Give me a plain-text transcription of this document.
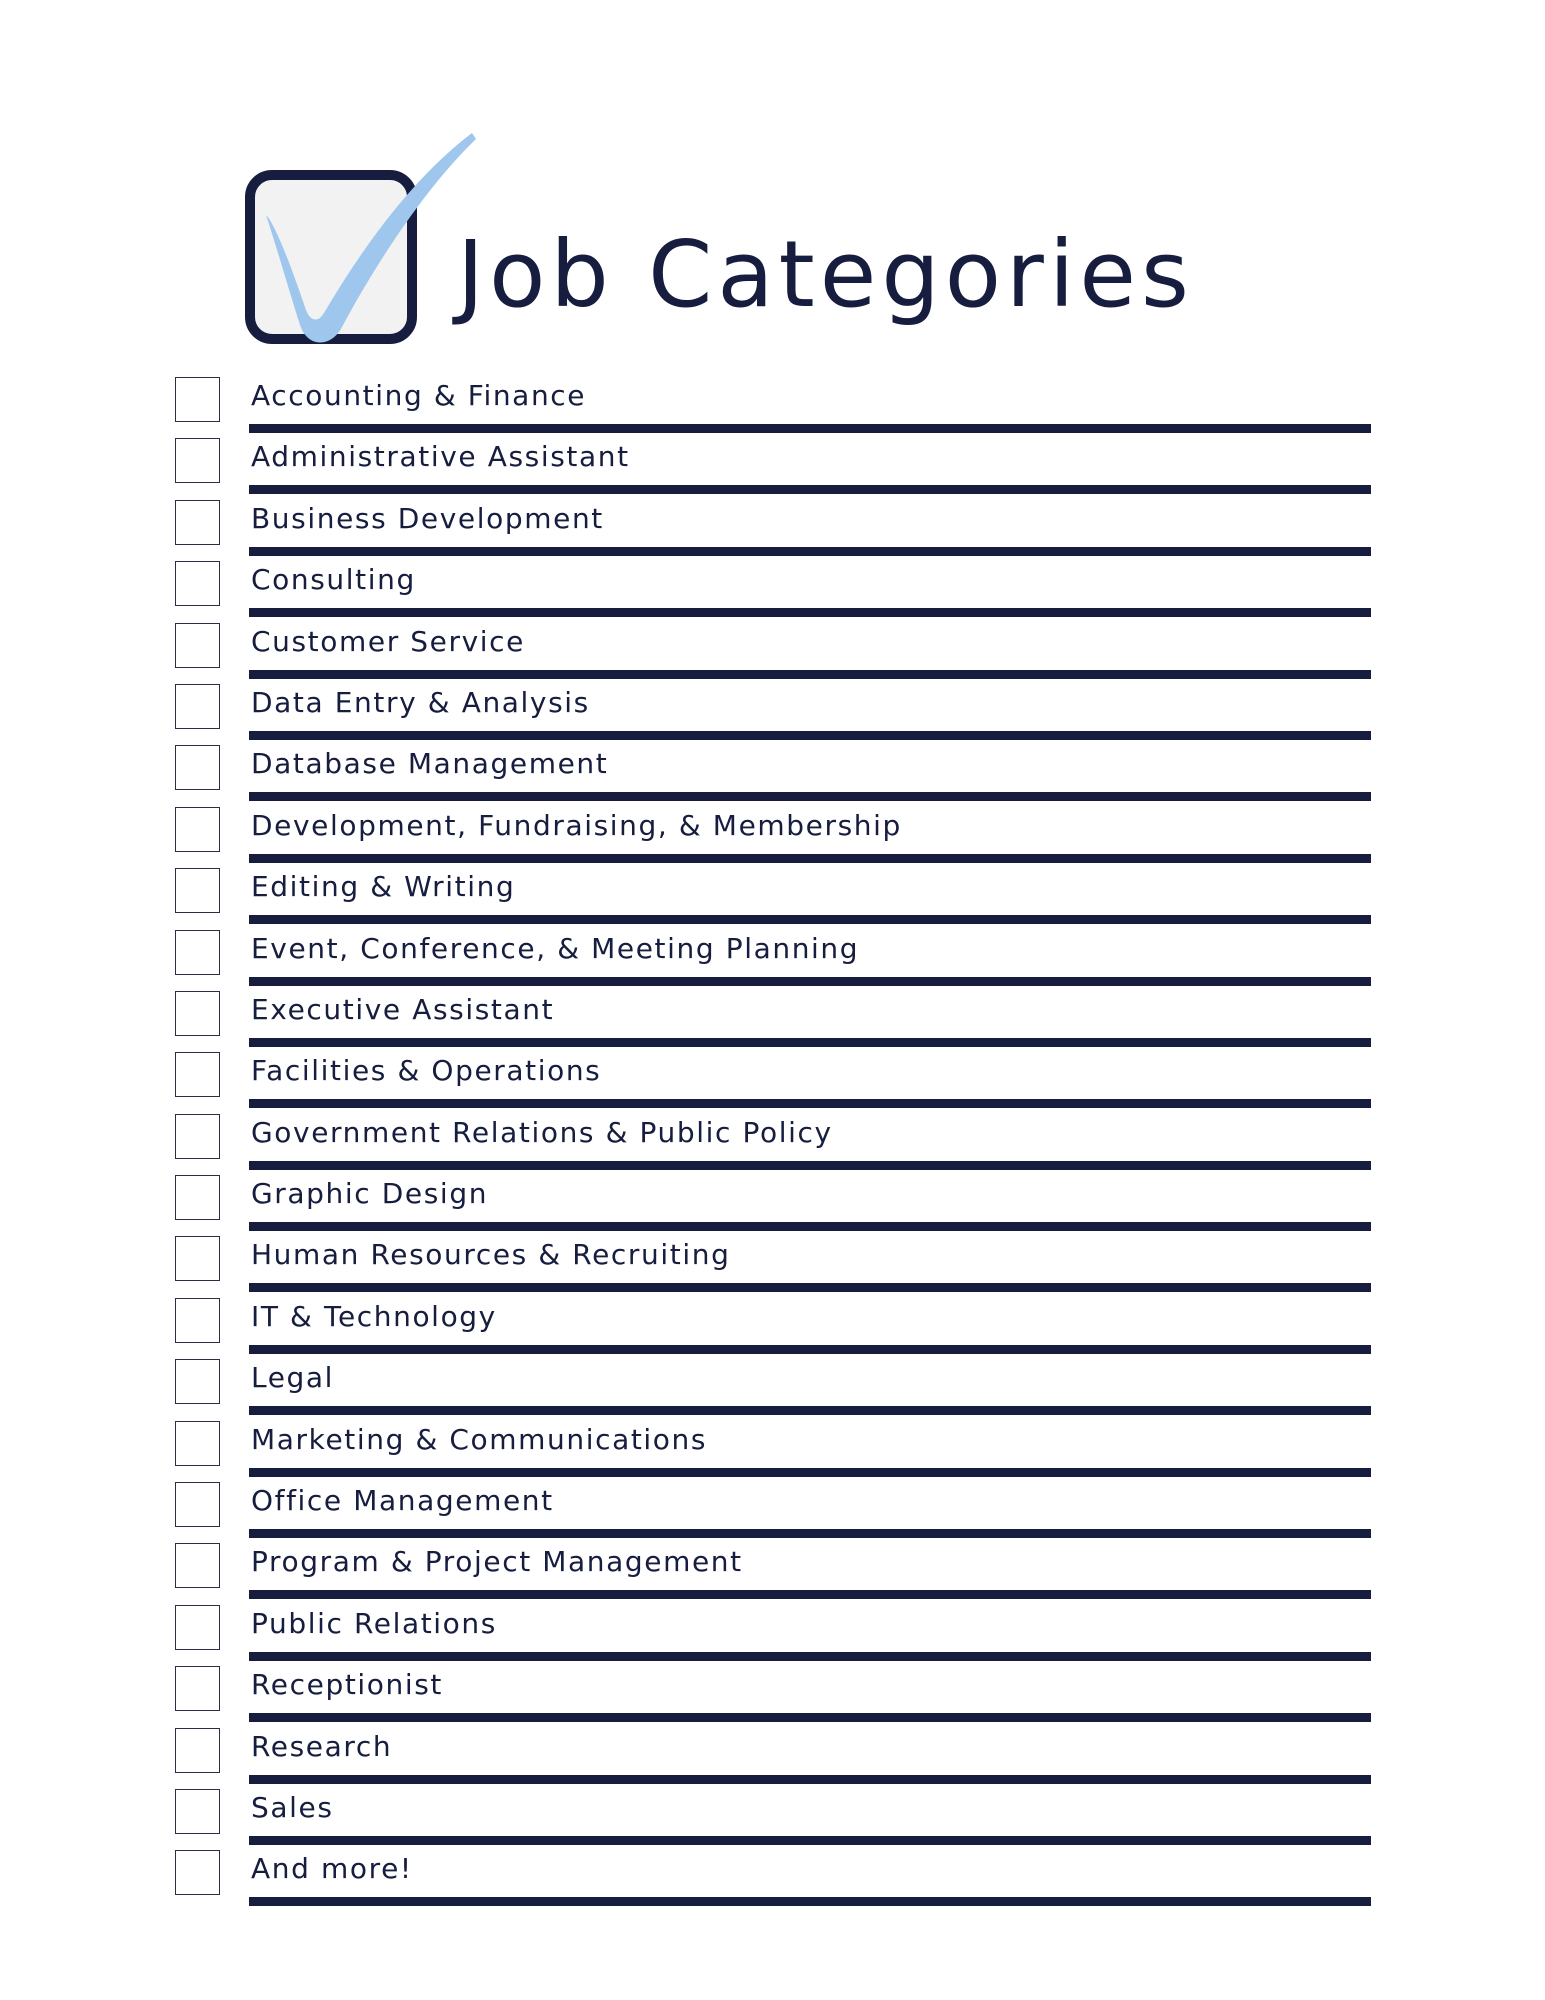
Job Categories
Accounting & Finance
Administrative Assistant
Business Development
Consulting
Customer Service
Data Entry & Analysis
Database Management
Development, Fundraising, & Membership
Editing & Writing
Event, Conference, & Meeting Planning
Executive Assistant
Facilities & Operations
Government Relations & Public Policy
Graphic Design
Human Resources & Recruiting
IT & Technology
Legal
Marketing & Communications
Office Management
Program & Project Management
Public Relations
Receptionist
Research
Sales
And more!
